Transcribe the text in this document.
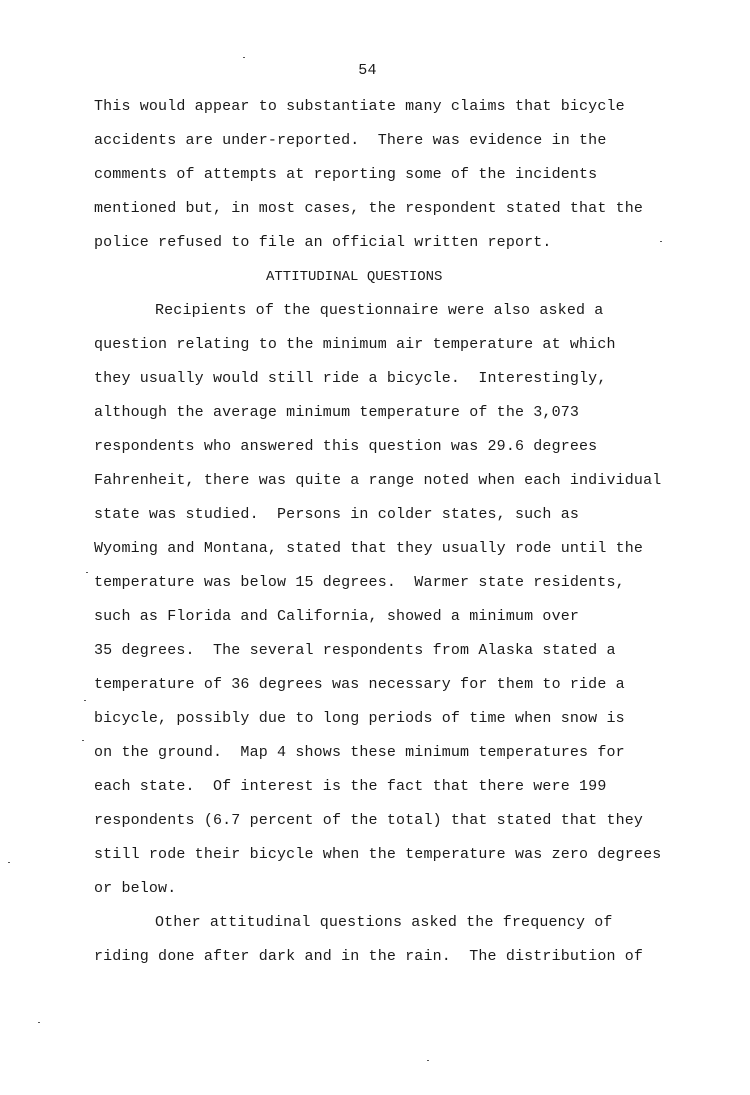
54
This would appear to substantiate many claims that bicycle
accidents are under-reported.  There was evidence in the
comments of attempts at reporting some of the incidents
mentioned but, in most cases, the respondent stated that the
police refused to file an official written report.
ATTITUDINAL QUESTIONS
Recipients of the questionnaire were also asked a
question relating to the minimum air temperature at which
they usually would still ride a bicycle.  Interestingly,
although the average minimum temperature of the 3,073
respondents who answered this question was 29.6 degrees
Fahrenheit, there was quite a range noted when each individual
state was studied.  Persons in colder states, such as
Wyoming and Montana, stated that they usually rode until the
temperature was below 15 degrees.  Warmer state residents,
such as Florida and California, showed a minimum over
35 degrees.  The several respondents from Alaska stated a
temperature of 36 degrees was necessary for them to ride a
bicycle, possibly due to long periods of time when snow is
on the ground.  Map 4 shows these minimum temperatures for
each state.  Of interest is the fact that there were 199
respondents (6.7 percent of the total) that stated that they
still rode their bicycle when the temperature was zero degrees
or below.
Other attitudinal questions asked the frequency of
riding done after dark and in the rain.  The distribution of
